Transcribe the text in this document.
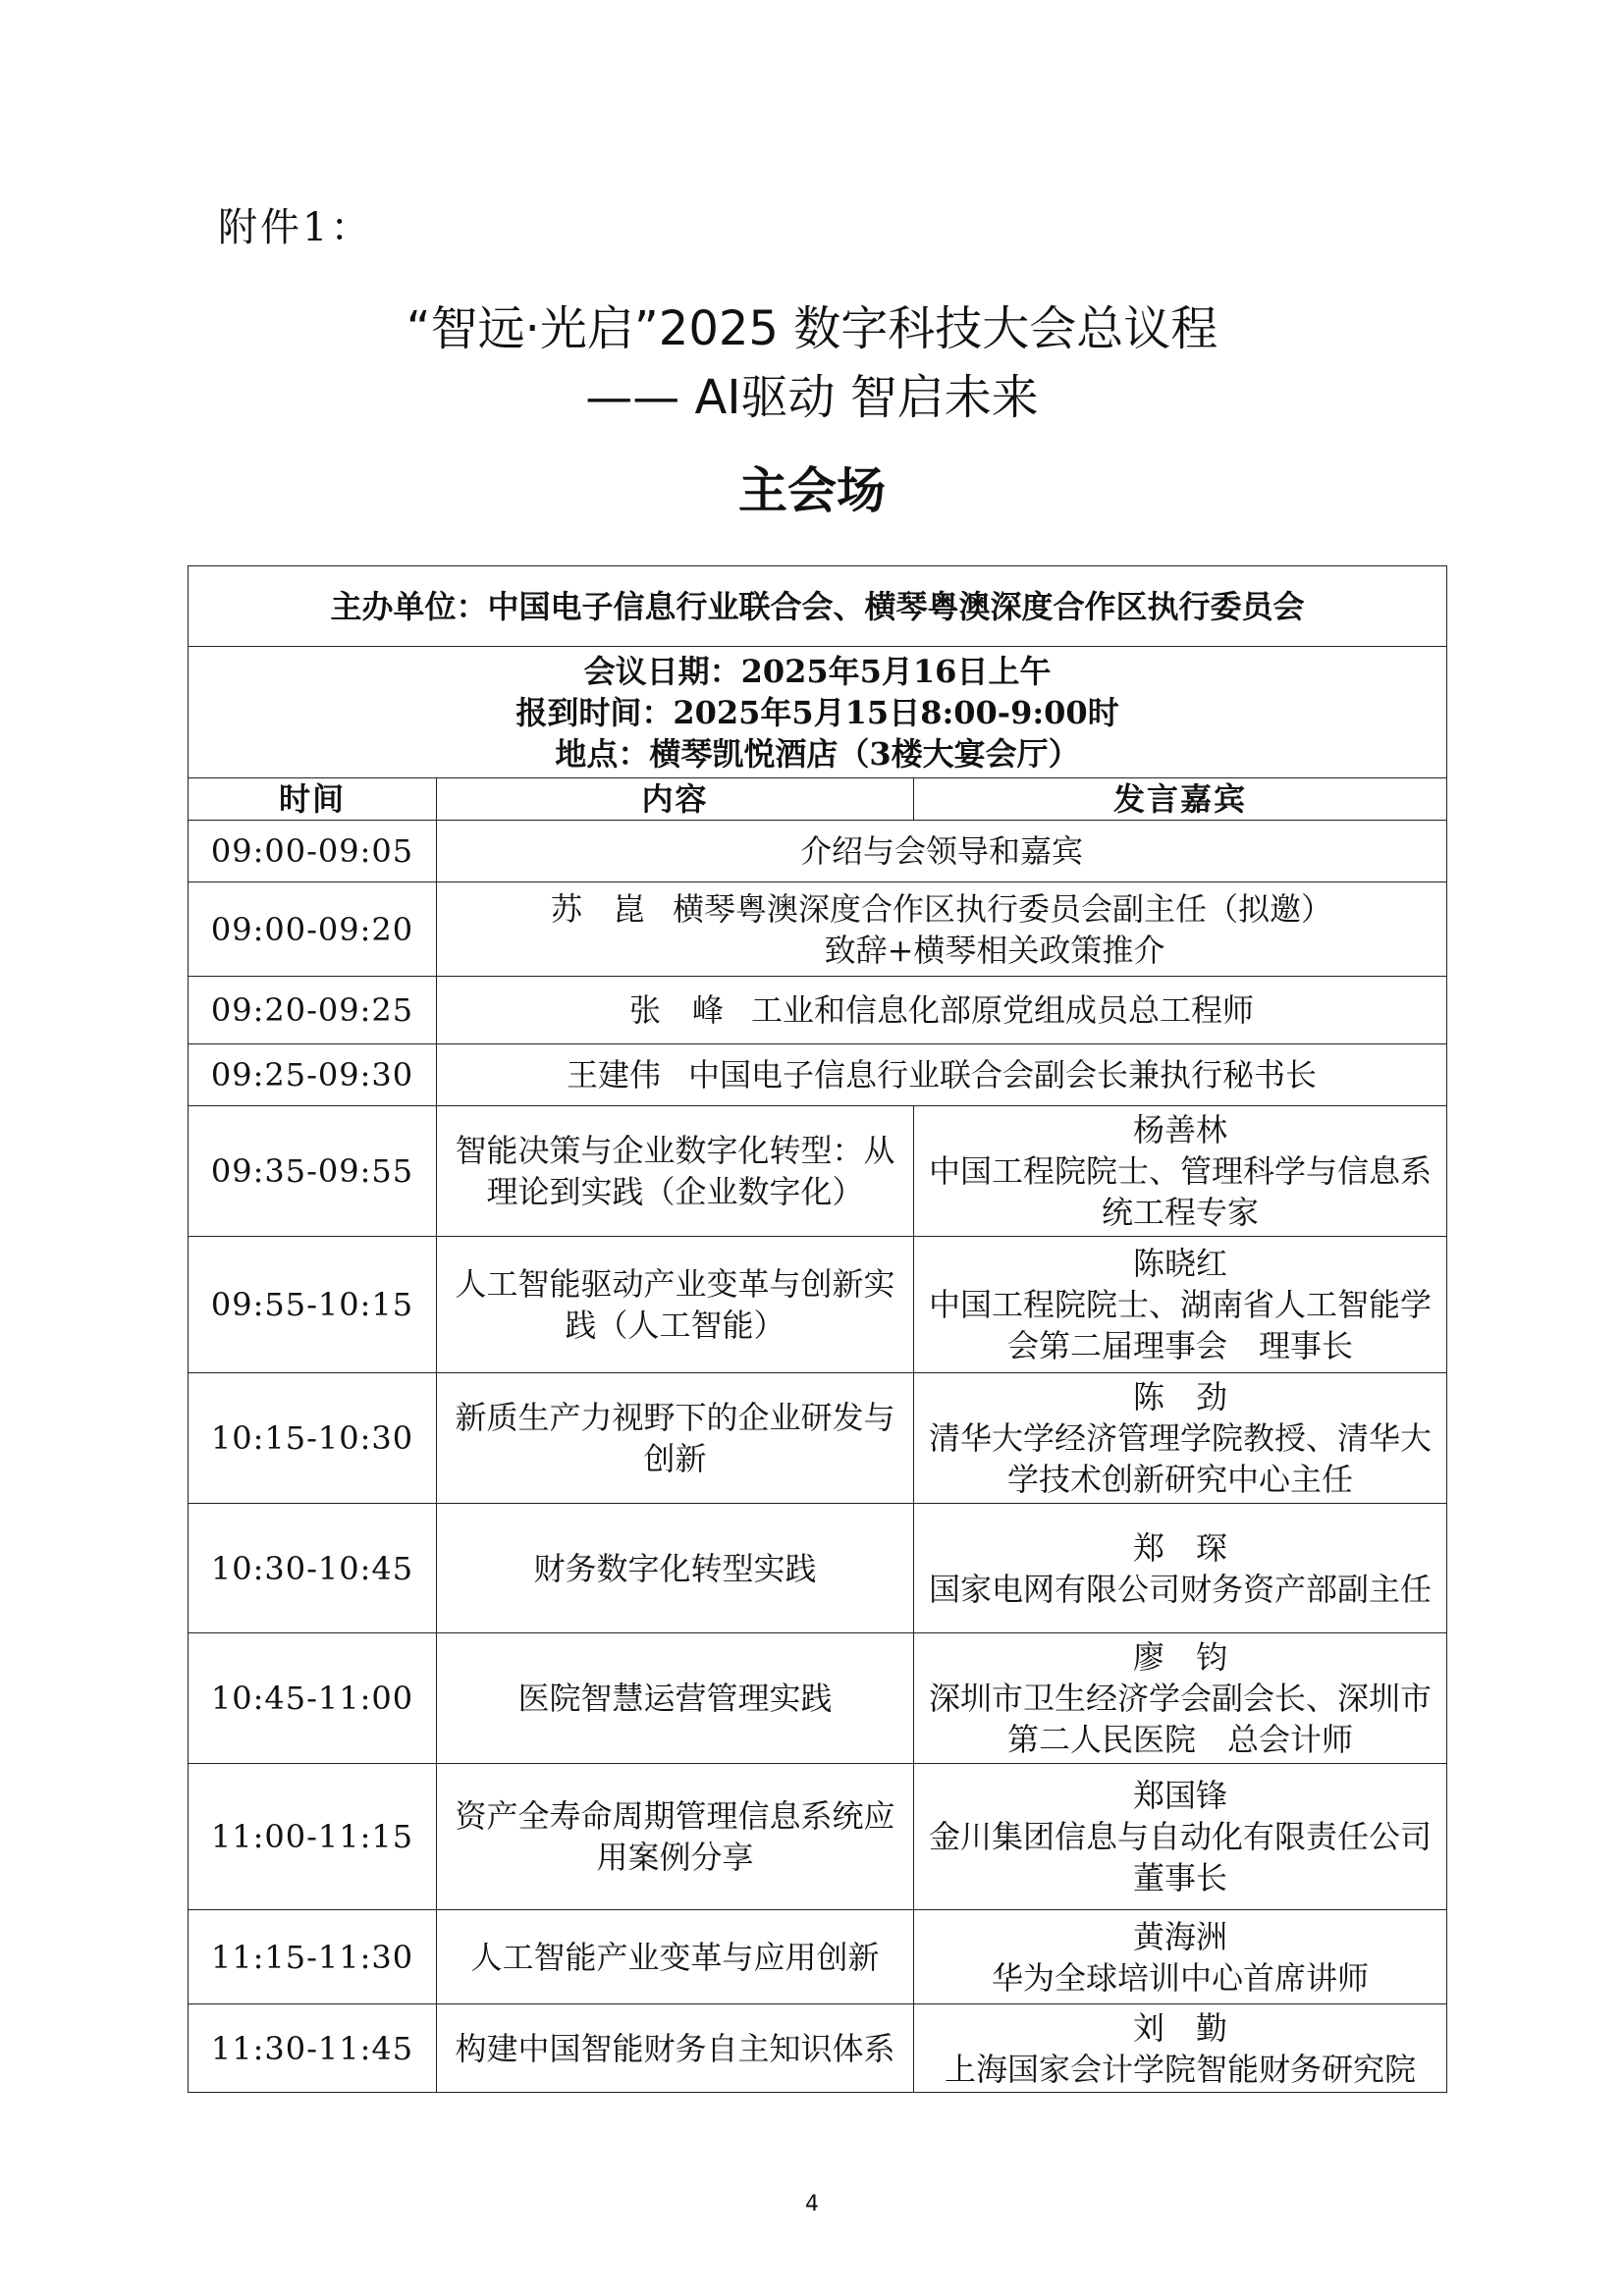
附件1：
“智远·光启”2025 数字科技大会总议程
—— AI驱动 智启未来
主会场
主办单位：中国电子信息行业联合会、横琴粤澳深度合作区执行委员会		

会议日期：2025年5月16日上午
报到时间：2025年5月15日8:00-9:00时
地点：横琴凯悦酒店（3楼大宴会厅）		

时间	内容	发言嘉宾
09:00-09:05	介绍与会领导和嘉宾	
09:00-09:20	苏　崑 横琴粤澳深度合作区执行委员会副主任（拟邀）
致辞+横琴相关政策推介	

09:20-09:25	张　峰 工业和信息化部原党组成员总工程师	
09:25-09:30	王建伟 中国电子信息行业联合会副会长兼执行秘书长	
09:35-09:55	智能决策与企业数字化转型：从理论到实践（企业数字化）	杨善林
中国工程院院士、管理科学与信息系统工程专家

09:55-10:15	人工智能驱动产业变革与创新实践（人工智能）	陈晓红
中国工程院院士、湖南省人工智能学会第二届理事会　理事长

10:15-10:30	新质生产力视野下的企业研发与创新	陈　劲
清华大学经济管理学院教授、清华大学技术创新研究中心主任

10:30-10:45	财务数字化转型实践	郑　琛
国家电网有限公司财务资产部副主任

10:45-11:00	医院智慧运营管理实践	廖　钧
深圳市卫生经济学会副会长、深圳市第二人民医院　总会计师

11:00-11:15	资产全寿命周期管理信息系统应用案例分享	郑国锋
金川集团信息与自动化有限责任公司董事长

11:15-11:30	人工智能产业变革与应用创新	黄海洲
华为全球培训中心首席讲师

11:30-11:45	构建中国智能财务自主知识体系	刘　勤
上海国家会计学院智能财务研究院
4
